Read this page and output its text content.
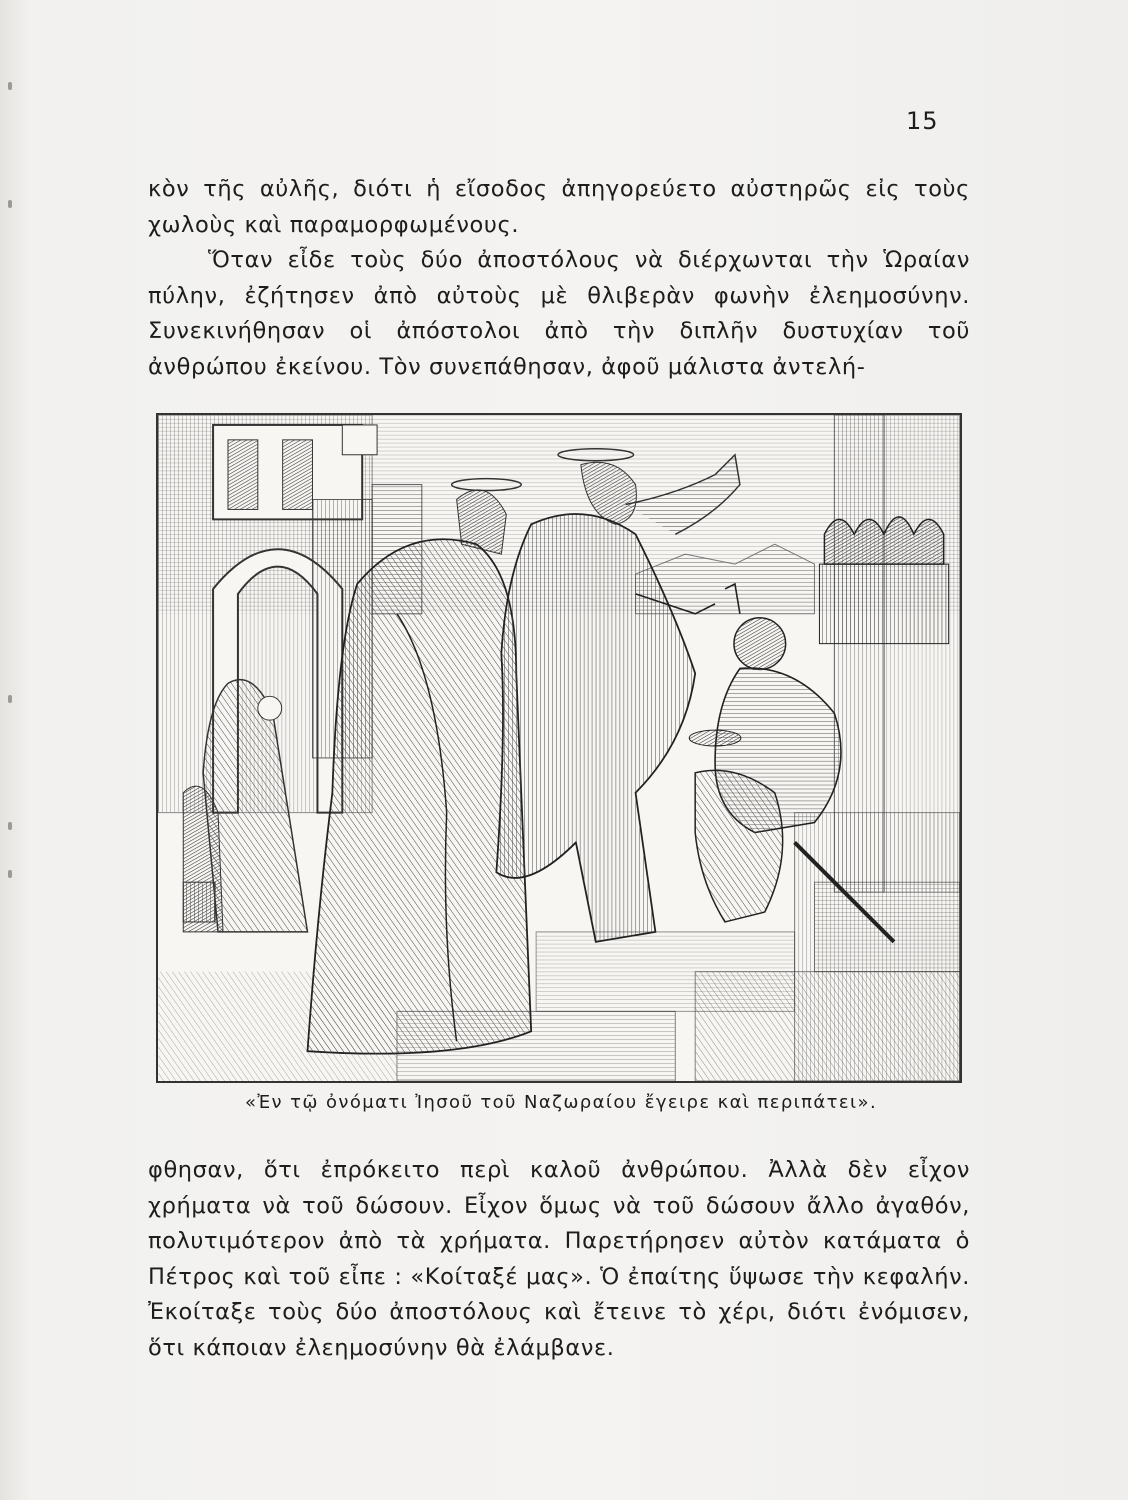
15

κὸν τῆς αὐλῆς, διότι ἡ εἴσοδος ἀπηγορεύετο αὐστηρῶς εἰς τοὺς χωλοὺς καὶ παραμορφωμένους.

Ὅταν εἶδε τοὺς δύο ἀποστόλους νὰ διέρχωνται τὴν Ὡραίαν πύλην, ἐζήτησεν ἀπὸ αὐτοὺς μὲ θλιβερὰν φωνὴν ἐλεημοσύνην. Συνεκινήθησαν οἱ ἀπόστολοι ἀπὸ τὴν διπλῆν δυστυχίαν τοῦ ἀνθρώπου ἐκείνου. Τὸν συνεπάθησαν, ἀφοῦ μάλιστα ἀντελή-

«Ἐν τῷ ὀνόματι Ἰησοῦ τοῦ Ναζωραίου ἔγειρε καὶ περιπάτει».

φθησαν, ὅτι ἐπρόκειτο περὶ καλοῦ ἀνθρώπου. Ἀλλὰ δὲν εἶχον χρήματα νὰ τοῦ δώσουν. Εἶχον ὅμως νὰ τοῦ δώσουν ἄλλο ἀγαθόν, πολυτιμότερον ἀπὸ τὰ χρήματα. Παρετήρησεν αὐτὸν κατάματα ὁ Πέτρος καὶ τοῦ εἶπε : «Κοίταξέ μας». Ὁ ἐπαίτης ὕψωσε τὴν κεφαλήν. Ἐκοίταξε τοὺς δύο ἀποστόλους καὶ ἔτεινε τὸ χέρι, διότι ἐνόμισεν, ὅτι κάποιαν ἐλεημοσύνην θὰ ἐλάμβανε.
